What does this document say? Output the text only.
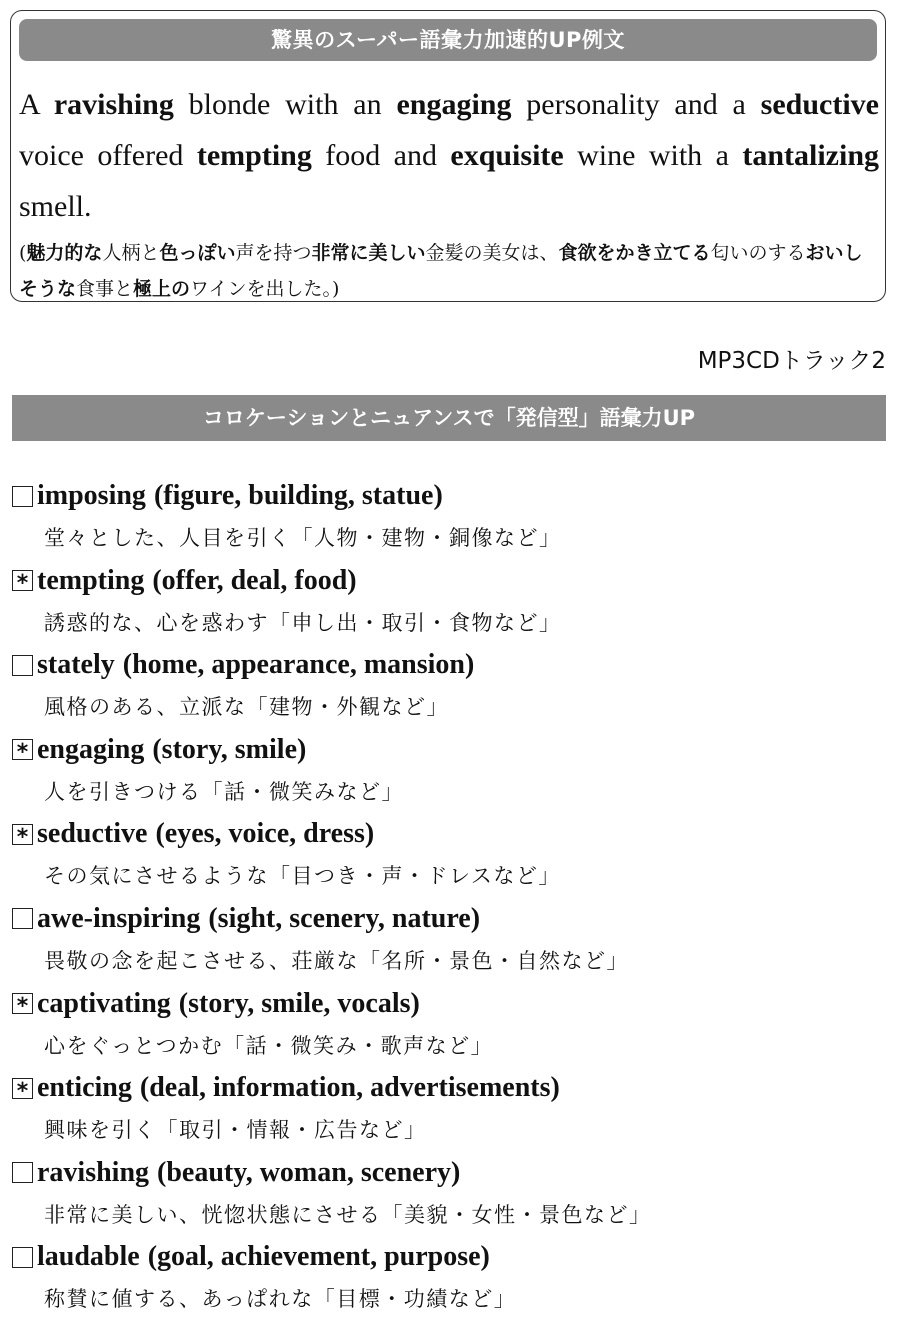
驚異のスーパー語彙力加速的UP例文
A ravishing blonde with an engaging personality and a seductive voice offered tempting food and exquisite wine with a tantalizing smell.
(魅力的な人柄と色っぽい声を持つ非常に美しい金髪の美女は、食欲をかき立てる匂いのするおいしそうな食事と極上のワインを出した。)
MP3CDトラック2
コロケーションとニュアンスで「発信型」語彙力UP
imposing (figure, building, statue)
堂々とした、人目を引く「人物・建物・銅像など」
*
tempting (offer, deal, food)
誘惑的な、心を惑わす「申し出・取引・食物など」
stately (home, appearance, mansion)
風格のある、立派な「建物・外観など」
*
engaging (story, smile)
人を引きつける「話・微笑みなど」
*
seductive (eyes, voice, dress)
その気にさせるような「目つき・声・ドレスなど」
awe-inspiring (sight, scenery, nature)
畏敬の念を起こさせる、荘厳な「名所・景色・自然など」
*
captivating (story, smile, vocals)
心をぐっとつかむ「話・微笑み・歌声など」
*
enticing (deal, information, advertisements)
興味を引く「取引・情報・広告など」
ravishing (beauty, woman, scenery)
非常に美しい、恍惚状態にさせる「美貌・女性・景色など」
laudable (goal, achievement, purpose)
称賛に値する、あっぱれな「目標・功績など」
